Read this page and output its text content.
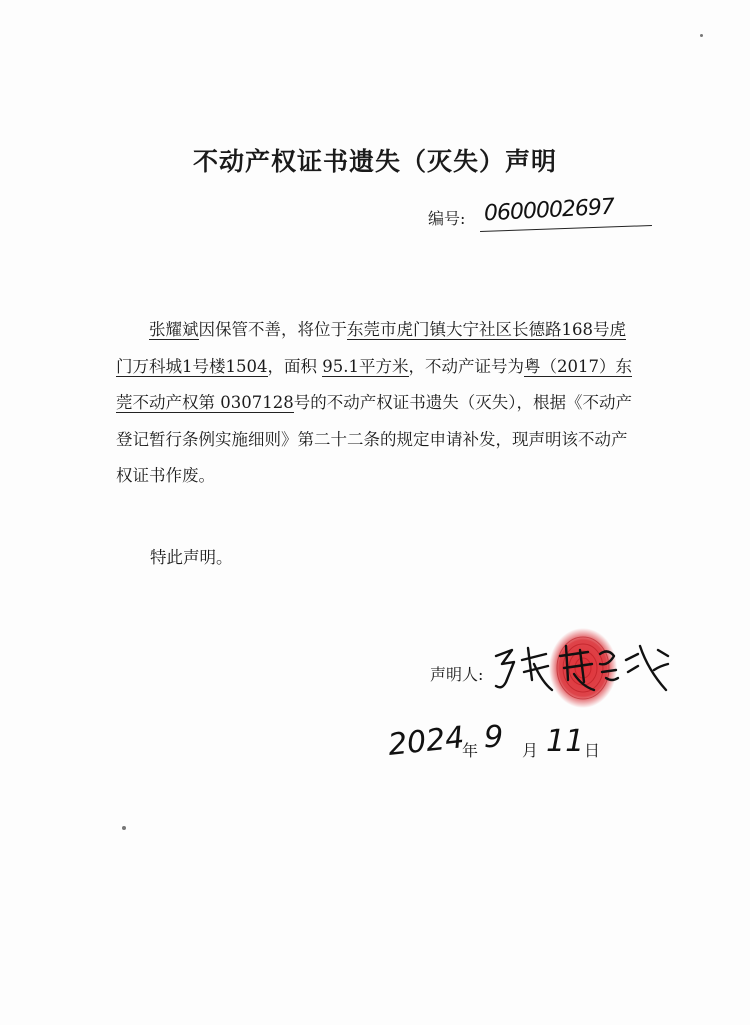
不动产权证书遗失（灭失）声明
编号: 0600002697

张耀斌因保管不善，将位于东莞市虎门镇大宁社区长德路168号虎门万科城1号楼1504，面积 95.1平方米，不动产证号为粤（2017）东莞不动产权第 0307128号的不动产权证书遗失（灭失），根据《不动产登记暂行条例实施细则》第二十二条的规定申请补发，现声明该不动产权证书作废。

特此声明。
声明人:
2024
年 9 月 11 日
